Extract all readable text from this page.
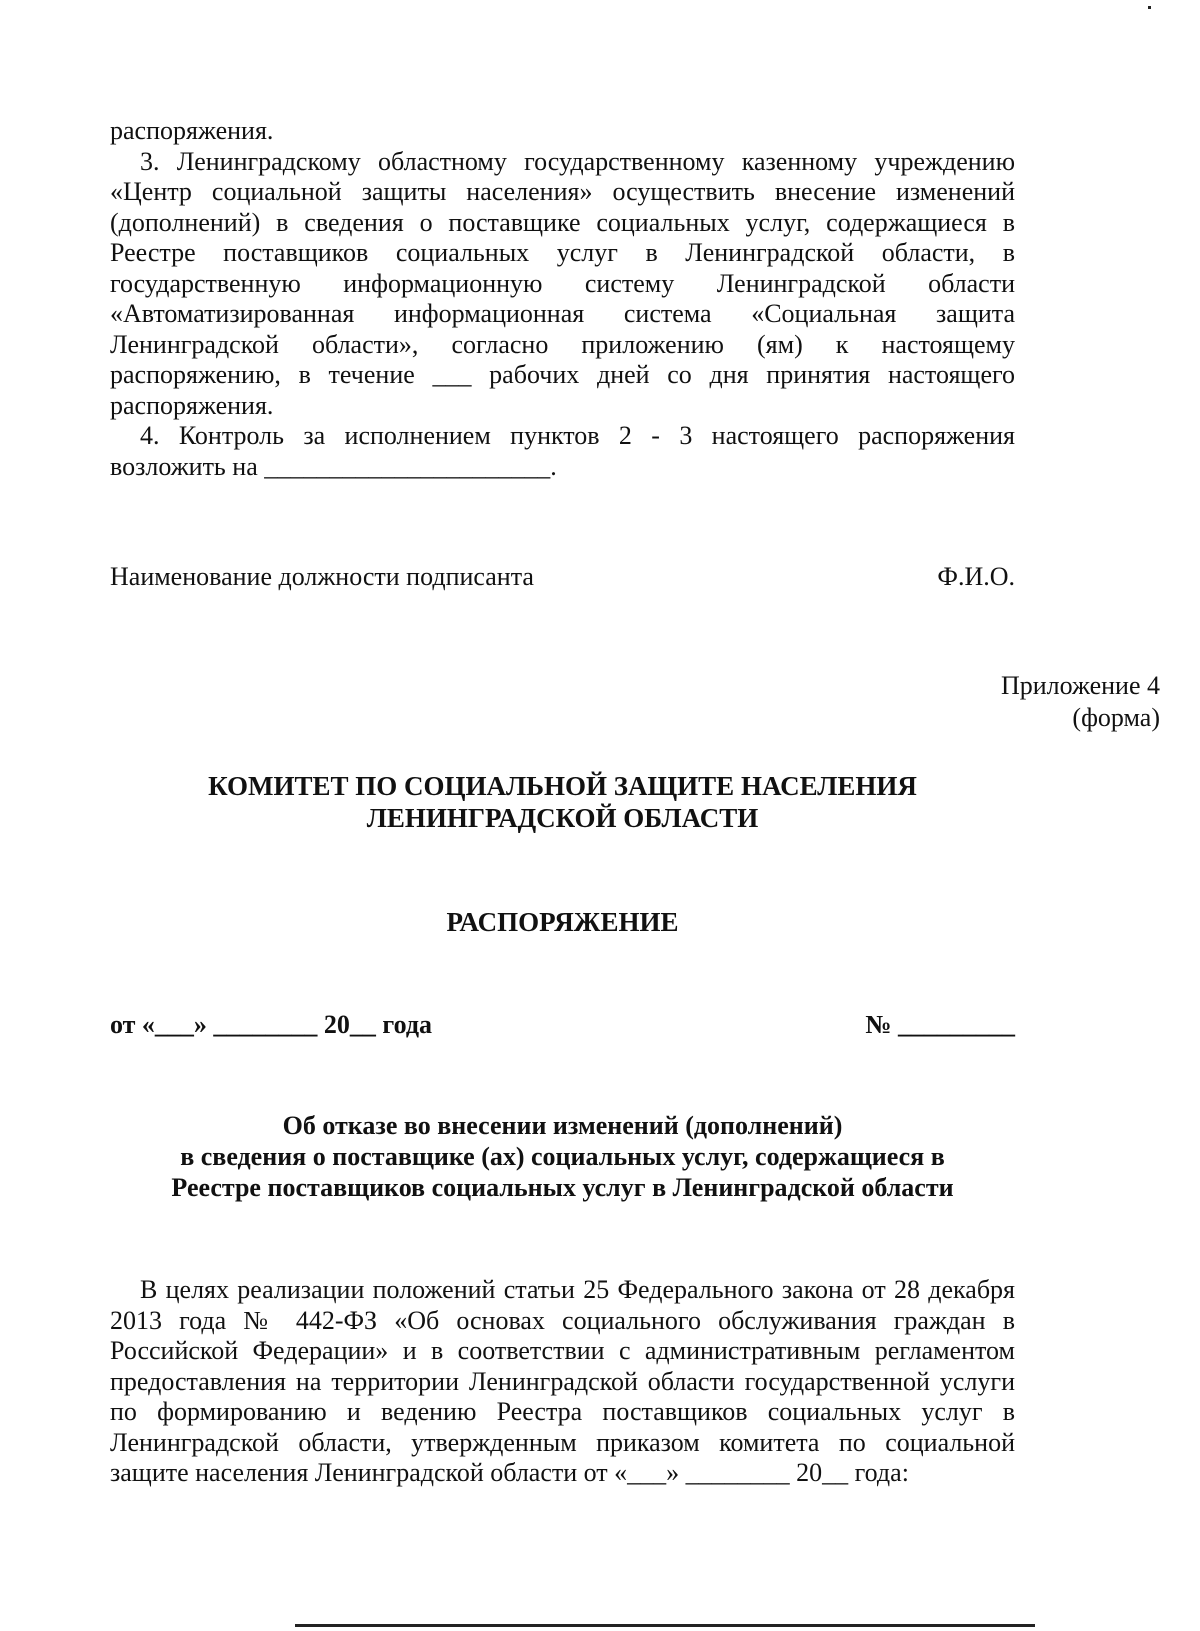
распоряжения.

3. Ленинградскому областному государственному казенному учреждению «Центр социальной защиты населения» осуществить внесение изменений (дополнений) в сведения о поставщике социальных услуг, содержащиеся в Реестре поставщиков социальных услуг в Ленинградской области, в государственную информационную систему Ленинградской области «Автоматизированная информационная система «Социальная защита Ленинградской области», согласно приложению (ям) к настоящему распоряжению, в течение ___ рабочих дней со дня принятия настоящего распоряжения.

4. Контроль за исполнением пунктов 2 - 3 настоящего распоряжения возложить на ______________________.

Наименование должности подписанта	Ф.И.О.
Приложение 4
(форма)
КОМИТЕТ ПО СОЦИАЛЬНОЙ ЗАЩИТЕ НАСЕЛЕНИЯ
ЛЕНИНГРАДСКОЙ ОБЛАСТИ
РАСПОРЯЖЕНИЕ
от «___» ________ 20__ года	№ _________
Об отказе во внесении изменений (дополнений)
в сведения о поставщике (ах) социальных услуг, содержащиеся в
Реестре поставщиков социальных услуг в Ленинградской области

В целях реализации положений статьи 25 Федерального закона от 28 декабря 2013 года № 442-ФЗ «Об основах социального обслуживания граждан в Российской Федерации» и в соответствии с административным регламентом предоставления на территории Ленинградской области государственной услуги по формированию и ведению Реестра поставщиков социальных услуг в Ленинградской области, утвержденным приказом комитета по социальной защите населения Ленинградской области от «___» ________ 20__ года:
